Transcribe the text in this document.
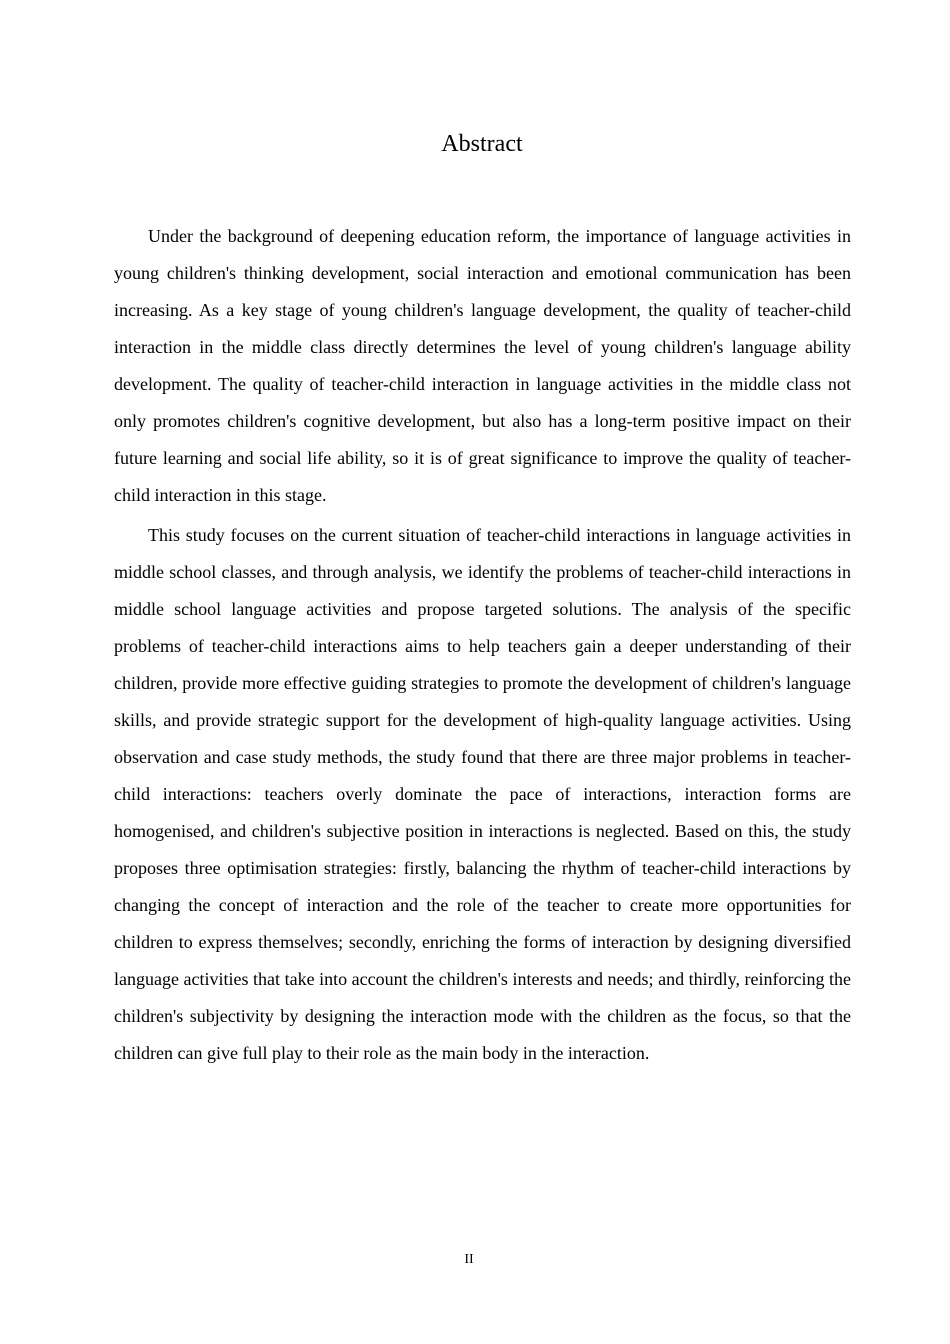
Abstract

Under the background of deepening education reform, the importance of language activities in young children's thinking development, social interaction and emotional communication has been increasing. As a key stage of young children's language development, the quality of teacher-child interaction in the middle class directly determines the level of young children's language ability development. The quality of teacher-child interaction in language activities in the middle class not only promotes children's cognitive development, but also has a long-term positive impact on their future learning and social life ability, so it is of great significance to improve the quality of teacher-child interaction in this stage.

This study focuses on the current situation of teacher-child interactions in language activities in middle school classes, and through analysis, we identify the problems of teacher-child interactions in middle school language activities and propose targeted solutions. The analysis of the specific problems of teacher-child interactions aims to help teachers gain a deeper understanding of their children, provide more effective guiding strategies to promote the development of children's language skills, and provide strategic support for the development of high-quality language activities. Using observation and case study methods, the study found that there are three major problems in teacher-child interactions: teachers overly dominate the pace of interactions, interaction forms are homogenised, and children's subjective position in interactions is neglected. Based on this, the study proposes three optimisation strategies: firstly, balancing the rhythm of teacher-child interactions by changing the concept of interaction and the role of the teacher to create more opportunities for children to express themselves; secondly, enriching the forms of interaction by designing diversified language activities that take into account the children's interests and needs; and thirdly, reinforcing the children's subjectivity by designing the interaction mode with the children as the focus, so that the children can give full play to their role as the main body in the interaction.

II
